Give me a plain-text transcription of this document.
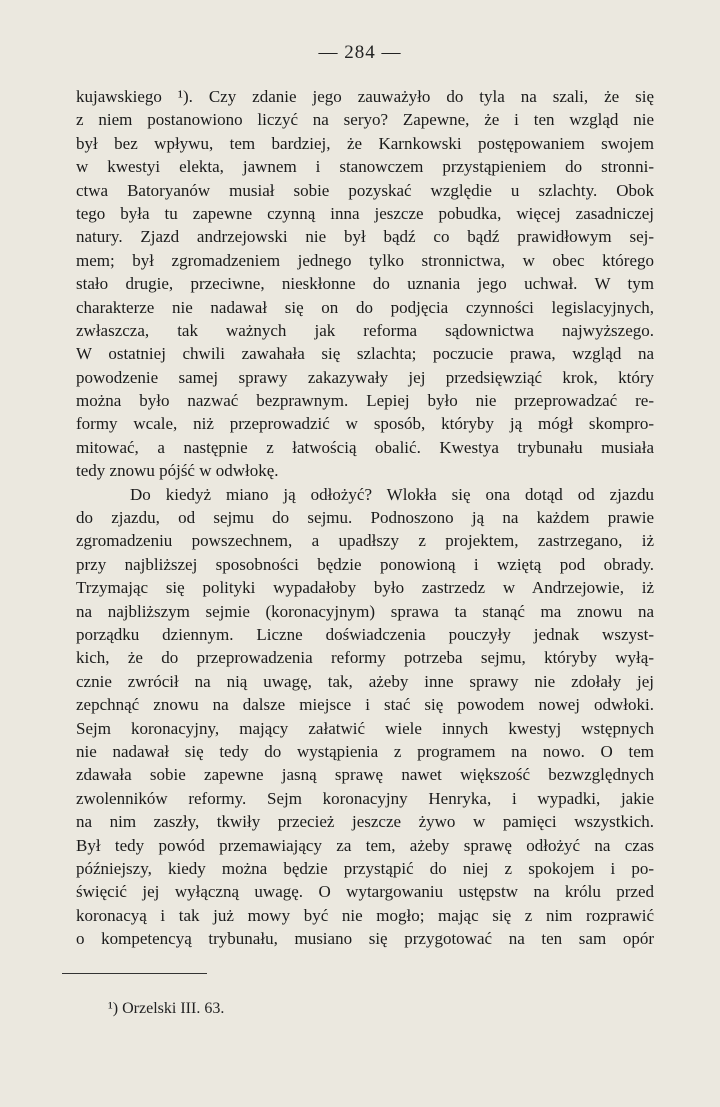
— 284 —
kujawskiego ¹). Czy zdanie jego zauważyło do tyla na szali, że się
z niem postanowiono liczyć na seryo? Zapewne, że i ten wzgląd nie
był bez wpływu, tem bardziej, że Karnkowski postępowaniem swojem
w kwestyi elekta, jawnem i stanowczem przystąpieniem do stronni-
ctwa Batoryanów musiał sobie pozyskać względie u szlachty. Obok
tego była tu zapewne czynną inna jeszcze pobudka, więcej zasadniczej
natury. Zjazd andrzejowski nie był bądź co bądź prawidłowym sej-
mem; był zgromadzeniem jednego tylko stronnictwa, w obec którego
stało drugie, przeciwne, nieskłonne do uznania jego uchwał. W tym
charakterze nie nadawał się on do podjęcia czynności legislacyjnych,
zwłaszcza, tak ważnych jak reforma sądownictwa najwyższego.
W ostatniej chwili zawahała się szlachta; poczucie prawa, wzgląd na
powodzenie samej sprawy zakazywały jej przedsięwziąć krok, który
można było nazwać bezprawnym. Lepiej było nie przeprowadzać re-
formy wcale, niż przeprowadzić w sposób, któryby ją mógł skompro-
mitować, a następnie z łatwością obalić. Kwestya trybunału musiała
tedy znowu pójść w odwłokę.
Do kiedyż miano ją odłożyć? Wlokła się ona dotąd od zjazdu
do zjazdu, od sejmu do sejmu. Podnoszono ją na każdem prawie
zgromadzeniu powszechnem, a upadłszy z projektem, zastrzegano, iż
przy najbliższej sposobności będzie ponowioną i wziętą pod obrady.
Trzymając się polityki wypadałoby było zastrzedz w Andrzejowie, iż
na najbliższym sejmie (koronacyjnym) sprawa ta stanąć ma znowu na
porządku dziennym. Liczne doświadczenia pouczyły jednak wszyst-
kich, że do przeprowadzenia reformy potrzeba sejmu, któryby wyłą-
cznie zwrócił na nią uwagę, tak, ażeby inne sprawy nie zdołały jej
zepchnąć znowu na dalsze miejsce i stać się powodem nowej odwłoki.
Sejm koronacyjny, mający załatwić wiele innych kwestyj wstępnych
nie nadawał się tedy do wystąpienia z programem na nowo. O tem
zdawała sobie zapewne jasną sprawę nawet większość bezwzględnych
zwolenników reformy. Sejm koronacyjny Henryka, i wypadki, jakie
na nim zaszły, tkwiły przecież jeszcze żywo w pamięci wszystkich.
Był tedy powód przemawiający za tem, ażeby sprawę odłożyć na czas
późniejszy, kiedy można będzie przystąpić do niej z spokojem i po-
święcić jej wyłączną uwagę. O wytargowaniu ustępstw na królu przed
koronacyą i tak już mowy być nie mogło; mając się z nim rozprawić
o kompetencyą trybunału, musiano się przygotować na ten sam opór
¹) Orzelski III. 63.
